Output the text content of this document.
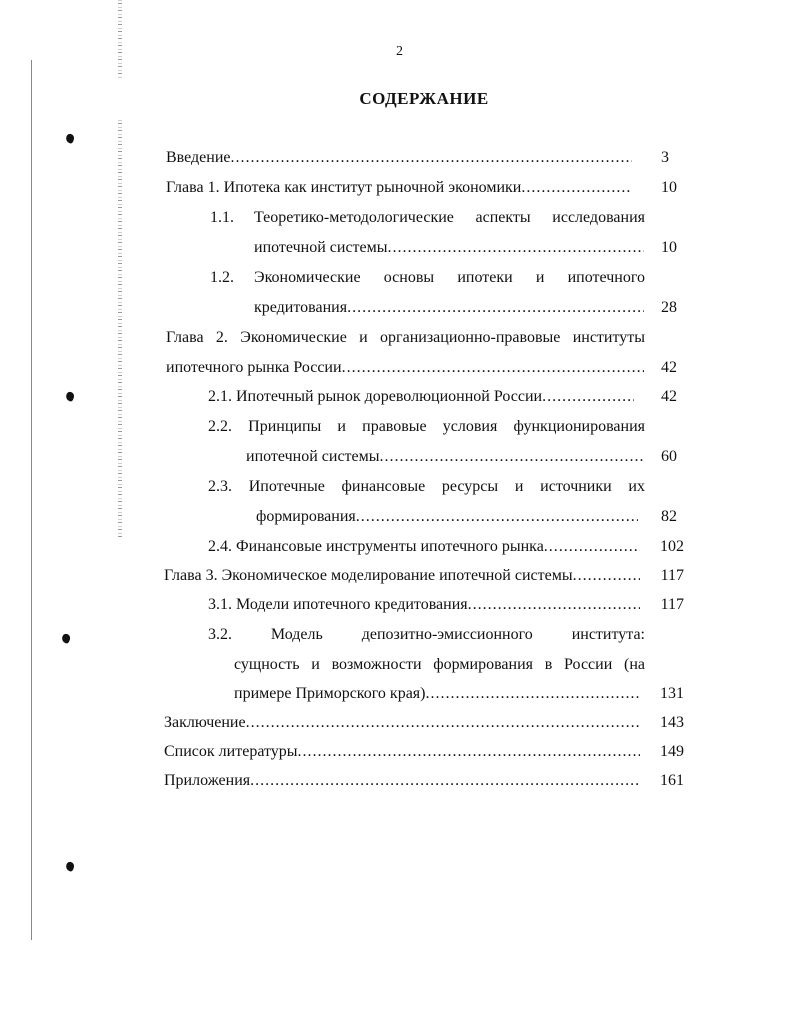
2
СОДЕРЖАНИЕ
Введение .....	3
Глава 1. Ипотека как институт рыночной экономики .....	10
1.1. Теоретико-методологические аспекты исследования
ипотечной системы .....	10
1.2. Экономические основы ипотеки и ипотечного
кредитования .....	28
Глава 2. Экономические и организационно-правовые институты
ипотечного рынка России .....	42
2.1. Ипотечный рынок дореволюционной России .....	42
2.2. Принципы и правовые условия функционирования
ипотечной системы .....	60
2.3. Ипотечные финансовые ресурсы и источники их
формирования .....	82
2.4. Финансовые инструменты ипотечного рынка .....	102
Глава 3. Экономическое моделирование ипотечной системы .....	117
3.1. Модели ипотечного кредитования .....	117
3.2. Модель депозитно-эмиссионного института:
сущность и возможности формирования в России (на
примере Приморского края) .....	131
Заключение .....	143
Список литературы .....	149
Приложения .....	161
